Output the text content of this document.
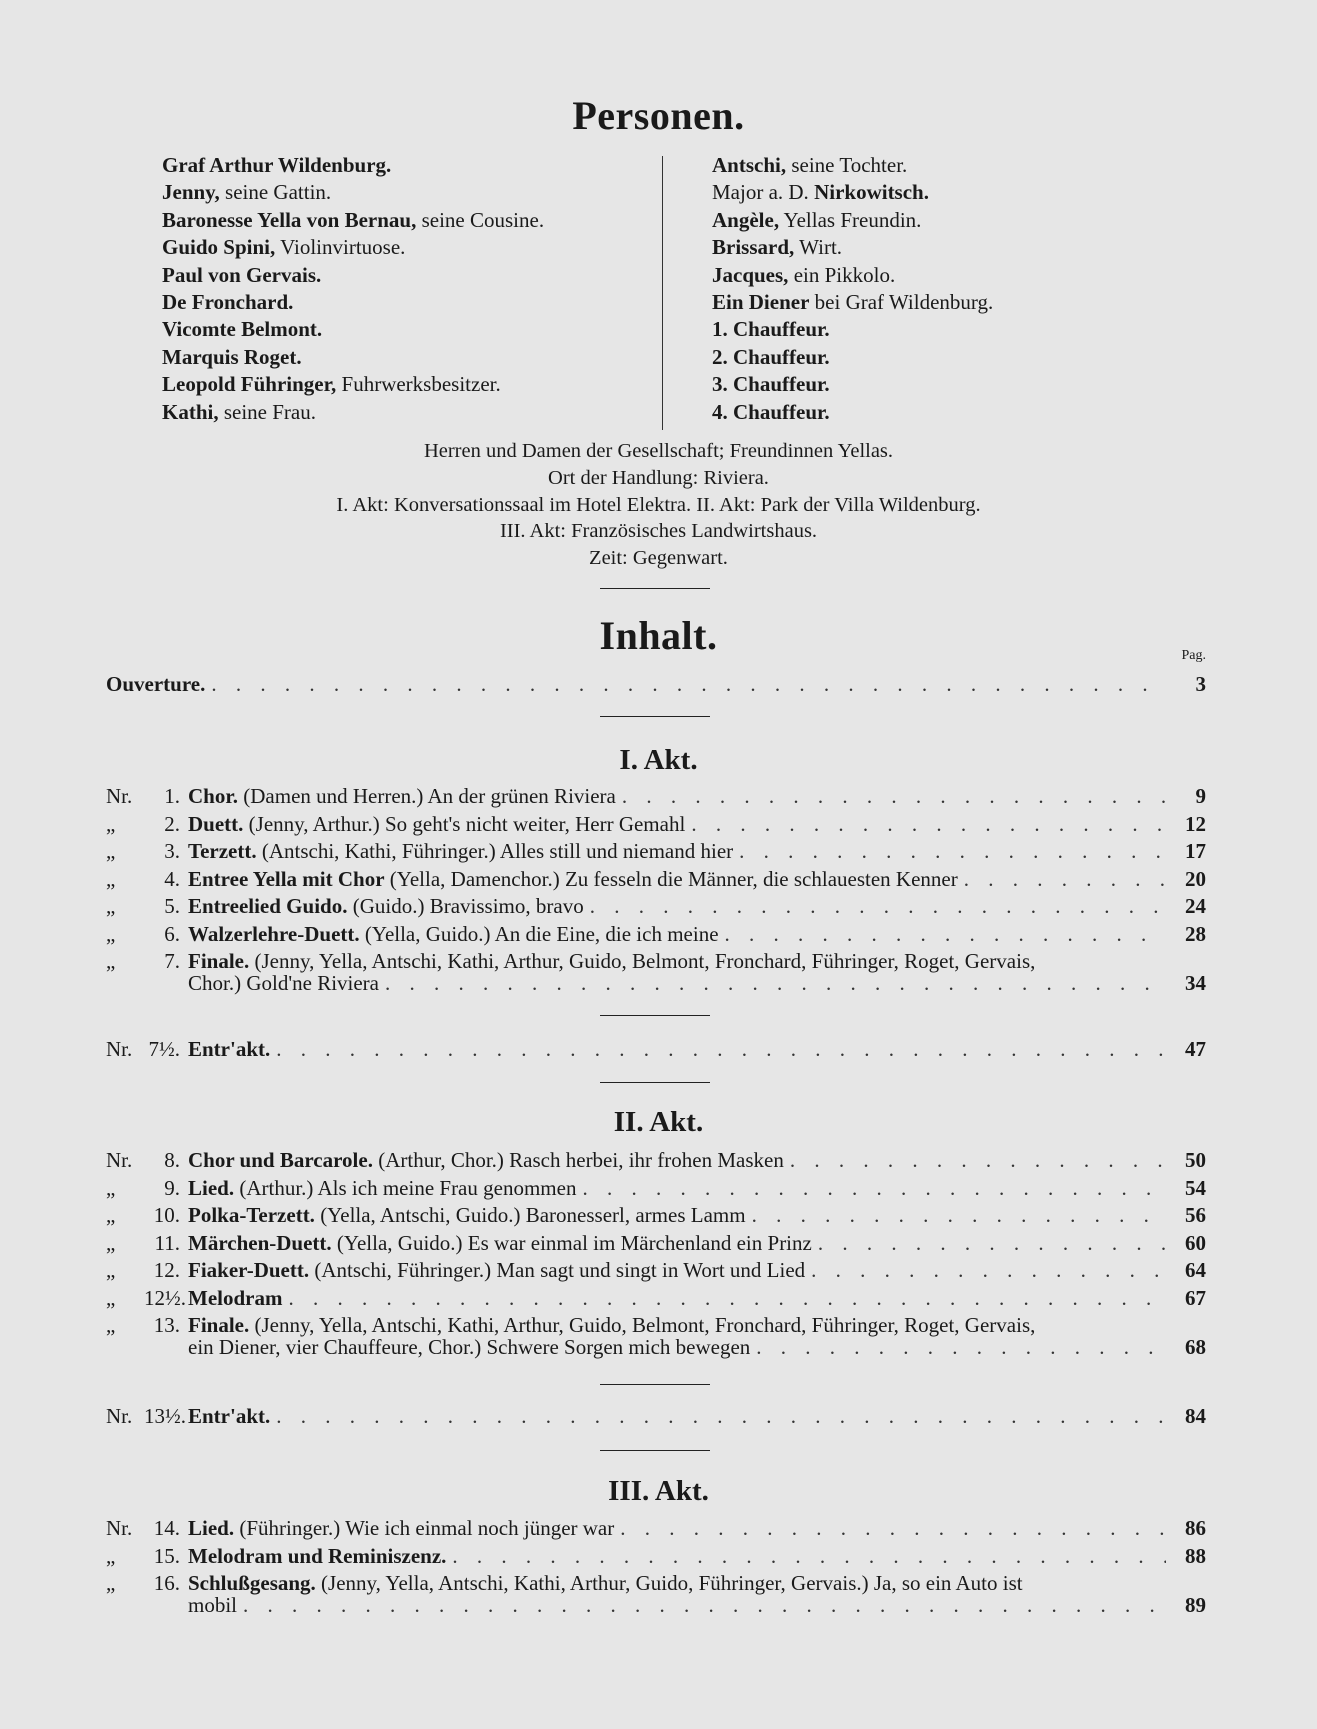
Personen.
Graf Arthur Wildenburg.
Jenny, seine Gattin.
Baronesse Yella von Bernau, seine Cousine.
Guido Spini, Violinvirtuose.
Paul von Gervais.
De Fronchard.
Vicomte Belmont.
Marquis Roget.
Leopold Führinger, Fuhrwerksbesitzer.
Kathi, seine Frau.
Antschi, seine Tochter.
Major a. D. Nirkowitsch.
Angèle, Yellas Freundin.
Brissard, Wirt.
Jacques, ein Pikkolo.
Ein Diener bei Graf Wildenburg.
1. Chauffeur.
2. Chauffeur.
3. Chauffeur.
4. Chauffeur.
Herren und Damen der Gesellschaft; Freundinnen Yellas.
Ort der Handlung: Riviera.
I. Akt: Konversationssaal im Hotel Elektra. II. Akt: Park der Villa Wildenburg.
III. Akt: Französisches Landwirtshaus.
Zeit: Gegenwart.
Inhalt.	Pag.
Ouverture. . . .	3
I. Akt.
Nr.	1. Chor. (Damen und Herren.) An der grünen Riviera . . .	9
„	2. Duett. (Jenny, Arthur.) So geht's nicht weiter, Herr Gemahl . . .	12
„	3. Terzett. (Antschi, Kathi, Führinger.) Alles still und niemand hier . . .	17
„	4. Entree Yella mit Chor (Yella, Damenchor.) Zu fesseln die Männer, die schlauesten Kenner . . .	20
„	5. Entreelied Guido. (Guido.) Bravissimo, bravo . . .	24
„	6. Walzerlehre-Duett. (Yella, Guido.) An die Eine, die ich meine . . .	28
„	7. Finale. (Jenny, Yella, Antschi, Kathi, Arthur, Guido, Belmont, Fronchard, Führinger, Roget, Gervais,
Chor.) Gold'ne Riviera . . .	34
Nr. 7½. Entr'akt. . . .	47
II. Akt.
Nr.	8. Chor und Barcarole. (Arthur, Chor.) Rasch herbei, ihr frohen Masken . . .	50
„	9. Lied. (Arthur.) Als ich meine Frau genommen . . .	54
„	10. Polka-Terzett. (Yella, Antschi, Guido.) Baronesserl, armes Lamm . . .	56
„	11. Märchen-Duett. (Yella, Guido.) Es war einmal im Märchenland ein Prinz . . .	60
„	12. Fiaker-Duett. (Antschi, Führinger.) Man sagt und singt in Wort und Lied . . .	64
„	12½. Melodram . . .	67
„	13. Finale. (Jenny, Yella, Antschi, Kathi, Arthur, Guido, Belmont, Fronchard, Führinger, Roget, Gervais,
ein Diener, vier Chauffeure, Chor.) Schwere Sorgen mich bewegen . . .	68
Nr. 13½. Entr'akt. . . .	84
III. Akt.
Nr.	14. Lied. (Führinger.) Wie ich einmal noch jünger war . . .	86
„	15. Melodram und Reminiszenz. . . .	88
„	16. Schlußgesang. (Jenny, Yella, Antschi, Kathi, Arthur, Guido, Führinger, Gervais.) Ja, so ein Auto ist
mobil . . .	89
